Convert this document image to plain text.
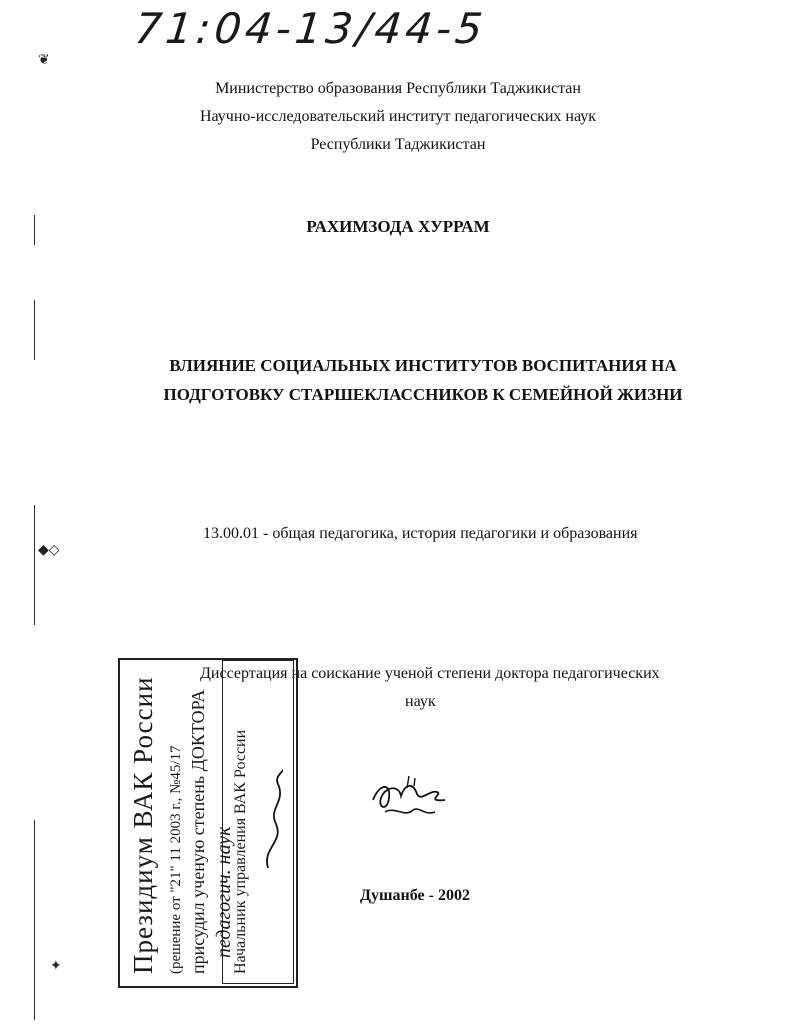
71:04-13/44-5
❦
◆◇
✦
Министерство образования Республики Таджикистан
Научно-исследовательский институт педагогических наук
Республики Таджикистан
РАХИМЗОДА ХУРРАМ
ВЛИЯНИЕ СОЦИАЛЬНЫХ ИНСТИТУТОВ ВОСПИТАНИЯ НА
ПОДГОТОВКУ СТАРШЕКЛАССНИКОВ К СЕМЕЙНОЙ ЖИЗНИ
13.00.01 - общая педагогика, история педагогики и образования
Диссертация на соискание ученой степени доктора педагогических
наук
Президиум ВАК России (решение от "21" 11 2003 г., №45/17 присудил ученую степень ДОКТОРА педагогич. наук
Начальник управления ВАК России	Душанбе - 2002
